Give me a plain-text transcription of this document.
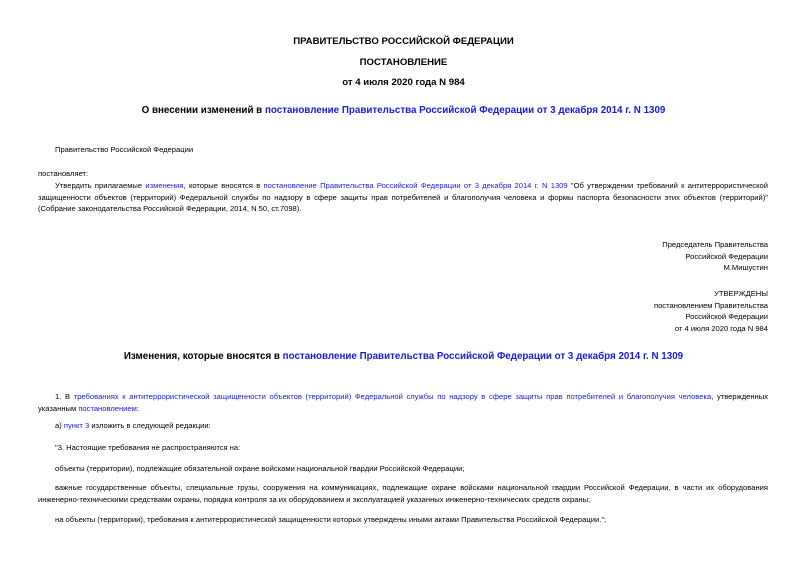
ПРАВИТЕЛЬСТВО РОССИЙСКОЙ ФЕДЕРАЦИИ
ПОСТАНОВЛЕНИЕ
от 4 июля 2020 года N 984
О внесении изменений в постановление Правительства Российской Федерации от 3 декабря 2014 г. N 1309
Правительство Российской Федерации
постановляет:
Утвердить прилагаемые изменения, которые вносятся в постановление Правительства Российской Федерации от 3 декабря 2014 г. N 1309 "Об утверждении требований к антитеррористической защищенности объектов (территорий) Федеральной службы по надзору в сфере защиты прав потребителей и благополучия человека и формы паспорта безопасности этих объектов (территорий)" (Собрание законодательства Российской Федерации, 2014, N 50, ст.7098).
Председатель Правительства
Российской Федерации
М.Мишустин
УТВЕРЖДЕНЫ
постановлением Правительства
Российской Федерации
от 4 июля 2020 года N 984
Изменения, которые вносятся в постановление Правительства Российской Федерации от 3 декабря 2014 г. N 1309
1. В требованиях к антитеррористической защищенности объектов (территорий) Федеральной службы по надзору в сфере защиты прав потребителей и благополучия человека, утвержденных указанным постановлением:
а) пункт 3 изложить в следующей редакции:
"3. Настоящие требования не распространяются на:
объекты (территории), подлежащие обязательной охране войсками национальной гвардии Российской Федерации;
важные государственные объекты, специальные грузы, сооружения на коммуникациях, подлежащие охране войсками национальной гвардии Российской Федерации, в части их оборудования инженерно-техническими средствами охраны, порядка контроля за их оборудованием и эксплуатацией указанных инженерно-технических средств охраны;
на объекты (территории), требования к антитеррористической защищенности которых утверждены иными актами Правительства Российской Федерации.";
